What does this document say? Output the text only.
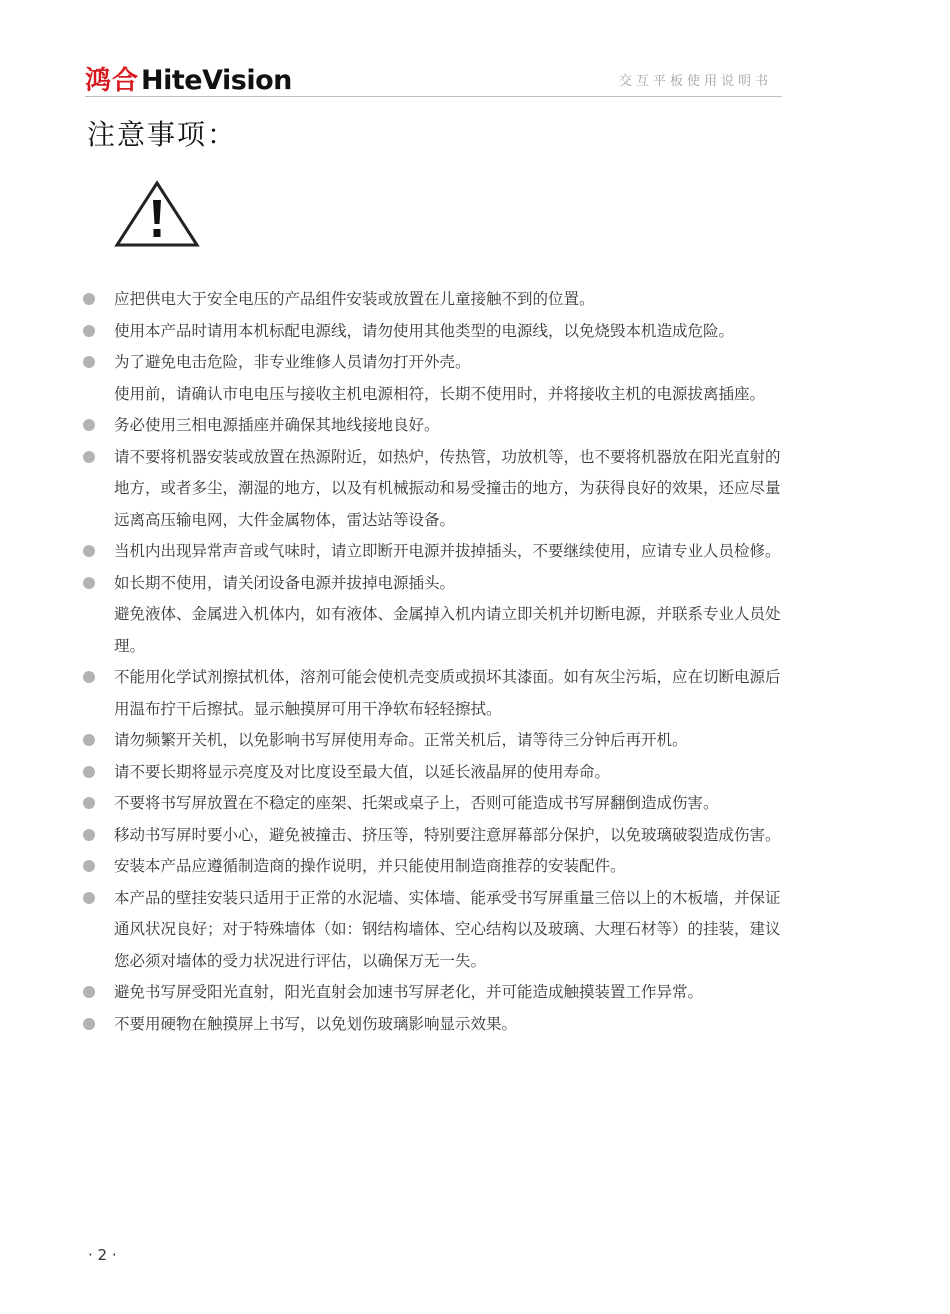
鸿合 HiteVision	交互平板使用说明书
注意事项：
应把供电大于安全电压的产品组件安装或放置在儿童接触不到的位置。
使用本产品时请用本机标配电源线，请勿使用其他类型的电源线，以免烧毁本机造成危险。
为了避免电击危险，非专业维修人员请勿打开外壳。
使用前，请确认市电电压与接收主机电源相符，长期不使用时，并将接收主机的电源拔离插座。
务必使用三相电源插座并确保其地线接地良好。
请不要将机器安装或放置在热源附近，如热炉，传热管，功放机等，也不要将机器放在阳光直射的地方，或者多尘，潮湿的地方，以及有机械振动和易受撞击的地方，为获得良好的效果，还应尽量远离高压输电网，大件金属物体，雷达站等设备。
当机内出现异常声音或气味时，请立即断开电源并拔掉插头，不要继续使用，应请专业人员检修。
如长期不使用，请关闭设备电源并拔掉电源插头。
避免液体、金属进入机体内，如有液体、金属掉入机内请立即关机并切断电源，并联系专业人员处理。
不能用化学试剂擦拭机体，溶剂可能会使机壳变质或损坏其漆面。如有灰尘污垢，应在切断电源后用温布拧干后擦拭。显示触摸屏可用干净软布轻轻擦拭。
请勿频繁开关机，以免影响书写屏使用寿命。正常关机后，请等待三分钟后再开机。
请不要长期将显示亮度及对比度设至最大值，以延长液晶屏的使用寿命。
不要将书写屏放置在不稳定的座架、托架或桌子上，否则可能造成书写屏翻倒造成伤害。
移动书写屏时要小心，避免被撞击、挤压等，特别要注意屏幕部分保护，以免玻璃破裂造成伤害。
安装本产品应遵循制造商的操作说明，并只能使用制造商推荐的安装配件。
本产品的壁挂安装只适用于正常的水泥墙、实体墙、能承受书写屏重量三倍以上的木板墙，并保证通风状况良好；对于特殊墙体（如：钢结构墙体、空心结构以及玻璃、大理石材等）的挂装，建议您必须对墙体的受力状况进行评估，以确保万无一失。
避免书写屏受阳光直射，阳光直射会加速书写屏老化，并可能造成触摸装置工作异常。
不要用硬物在触摸屏上书写，以免划伤玻璃影响显示效果。
· 2 ·
